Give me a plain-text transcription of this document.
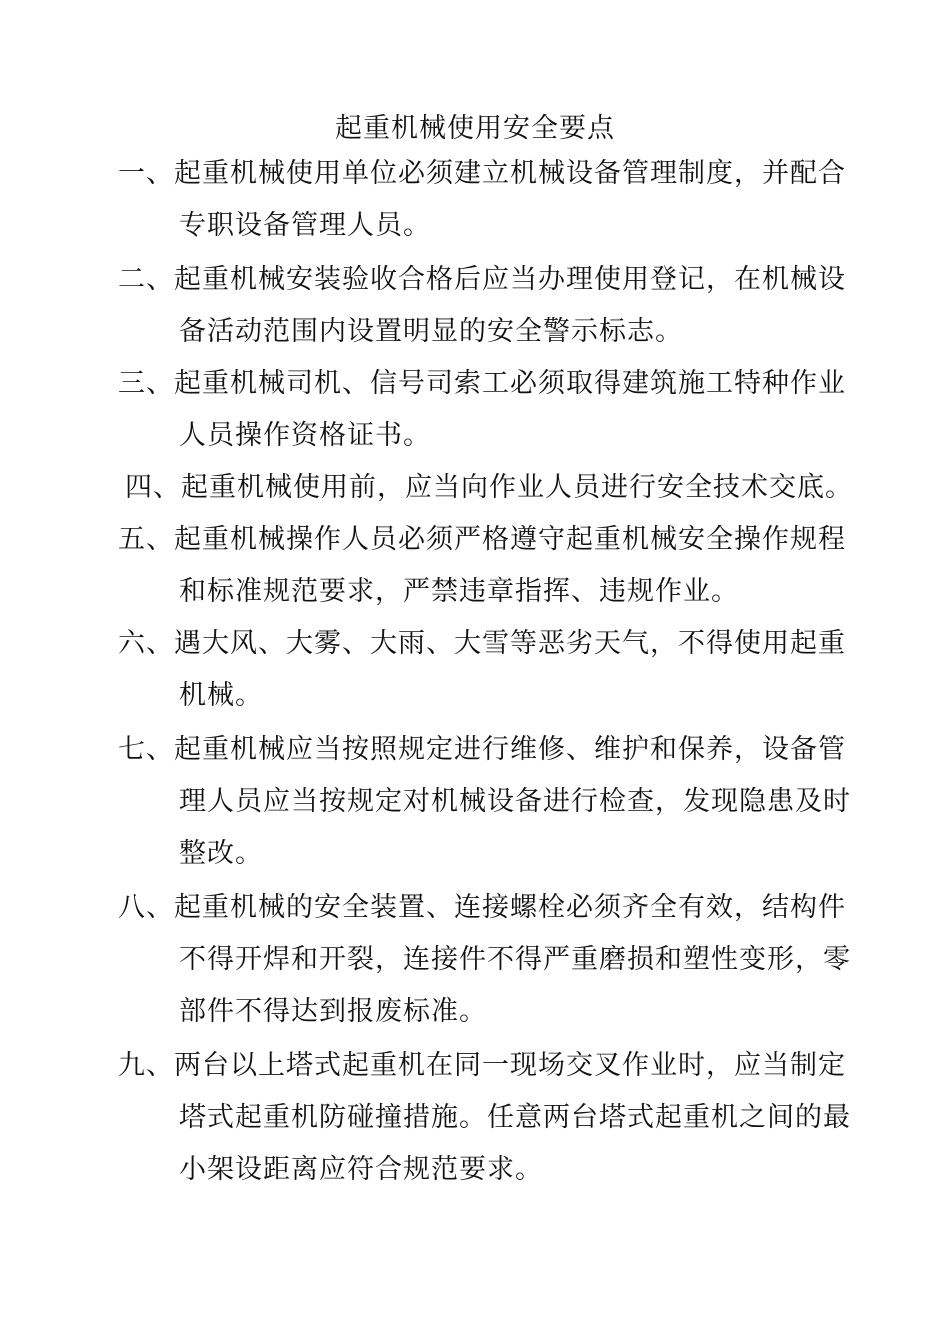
起重机械使用安全要点
一、起重机械使用单位必须建立机械设备管理制度，并配合
专职设备管理人员。
二、起重机械安装验收合格后应当办理使用登记，在机械设
备活动范围内设置明显的安全警示标志。
三、起重机械司机、信号司索工必须取得建筑施工特种作业
人员操作资格证书。
四、起重机械使用前，应当向作业人员进行安全技术交底。
五、起重机械操作人员必须严格遵守起重机械安全操作规程
和标准规范要求，严禁违章指挥、违规作业。
六、遇大风、大雾、大雨、大雪等恶劣天气，不得使用起重
机械。
七、起重机械应当按照规定进行维修、维护和保养，设备管
理人员应当按规定对机械设备进行检查，发现隐患及时
整改。
八、起重机械的安全装置、连接螺栓必须齐全有效，结构件
不得开焊和开裂，连接件不得严重磨损和塑性变形，零
部件不得达到报废标准。
九、两台以上塔式起重机在同一现场交叉作业时，应当制定
塔式起重机防碰撞措施。任意两台塔式起重机之间的最
小架设距离应符合规范要求。
